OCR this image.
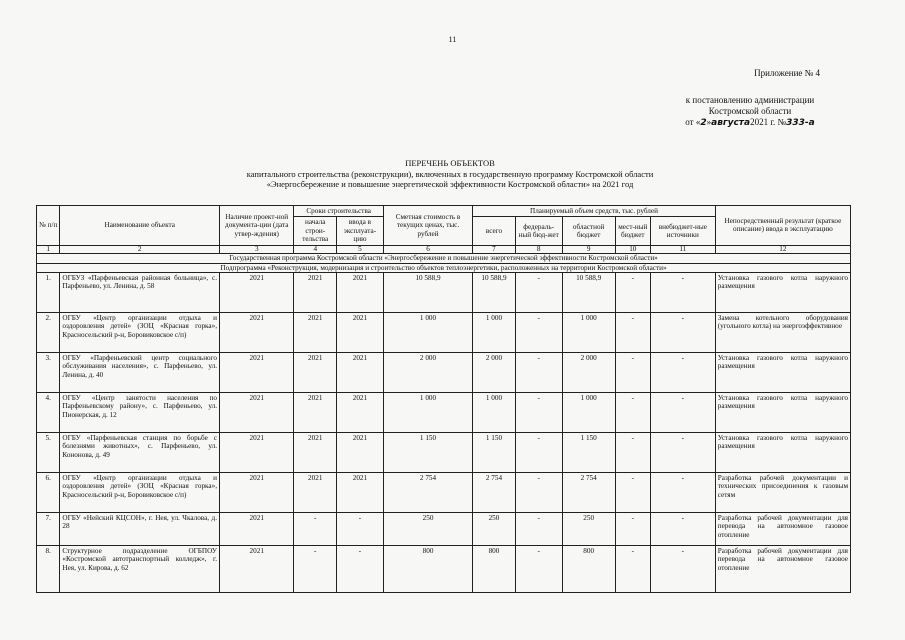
11
Приложение № 4
к постановлению администрации
Костромской области
от «2»августа2021 г. №333-а
ПЕРЕЧЕНЬ ОБЪЕКТОВ
капитального строительства (реконструкции), включенных в государственную программу Костромской области
«Энергосбережение и повышение энергетической эффективности Костромской области» на 2021 год
№ п/п	Наименование объекта	Наличие проект-ной документа-ции (дата утвер-ждения)	Сроки строительства		Сметная стоимость в текущих ценах, тыс. рублей	Планируемый объем средств, тыс. рублей					Непосредственный результат (краткое описание) ввода в эксплуатацию
			начала строи-тельства	ввода в эксплуата-цию		всего	федераль-ный бюд-жет	областной бюджет	мест-ный бюджет	внебюджет-ные источники	
1	2	3	4	5	6	7	8	9	10	11	12
Государственная программа Костромской области «Энергосбережение и повышение энергетической эффективности Костромской области»											
Подпрограмма «Реконструкция, модернизация и строительство объектов теплоэнергетики, расположенных на территории Костромской области»											
1.	ОГБУЗ «Парфеньевская районная больница», с. Парфеньево, ул. Ленина, д. 58	2021	2021	2021	10 588,9	10 588,9	-	10 588,9	-	-	Установка газового котла наружного размещения
2.	ОГБУ «Центр организации отдыха и оздоровления детей» (ЗОЦ «Красная горка», Красносельский р-н, Боровиковское с/п)	2021	2021	2021	1 000	1 000	-	1 000	-	-	Замена котельного оборудования (угольного котла) на энергоэффективное
3.	ОГБУ «Парфеньевский центр социального обслуживания населения», с. Парфеньево, ул. Ленина, д. 40	2021	2021	2021	2 000	2 000	-	2 000	-	-	Установка газового котла наружного размещения
4.	ОГБУ «Центр занятости населения по Парфеньевскому району», с. Парфеньево, ул. Пионерская, д. 12	2021	2021	2021	1 000	1 000	-	1 000	-	-	Установка газового котла наружного размещения
5.	ОГБУ «Парфеньевская станция по борьбе с болезнями животных», с. Парфеньево, ул. Кононова, д. 49	2021	2021	2021	1 150	1 150	-	1 150	-	-	Установка газового котла наружного размещения
6.	ОГБУ «Центр организации отдыха и оздоровления детей» (ЗОЦ «Красная горка», Красносельский р-н, Боровиковское с/п)	2021	2021	2021	2 754	2 754	-	2 754	-	-	Разработка рабочей документации и технических присоединения к газовым сетям
7.	ОГБУ «Нейский КЦСОН», г. Нея, ул. Чкалова, д. 28	2021	-	-	250	250	-	250	-	-	Разработка рабочей документации для перевода на автономное газовое отопление
8.	Структурное подразделение ОГБПОУ «Костромской автотранспортный колледж», г. Нея, ул. Кирова, д. 62	2021	-	-	800	800	-	800	-	-	Разработка рабочей документации для перевода на автономное газовое отопление
